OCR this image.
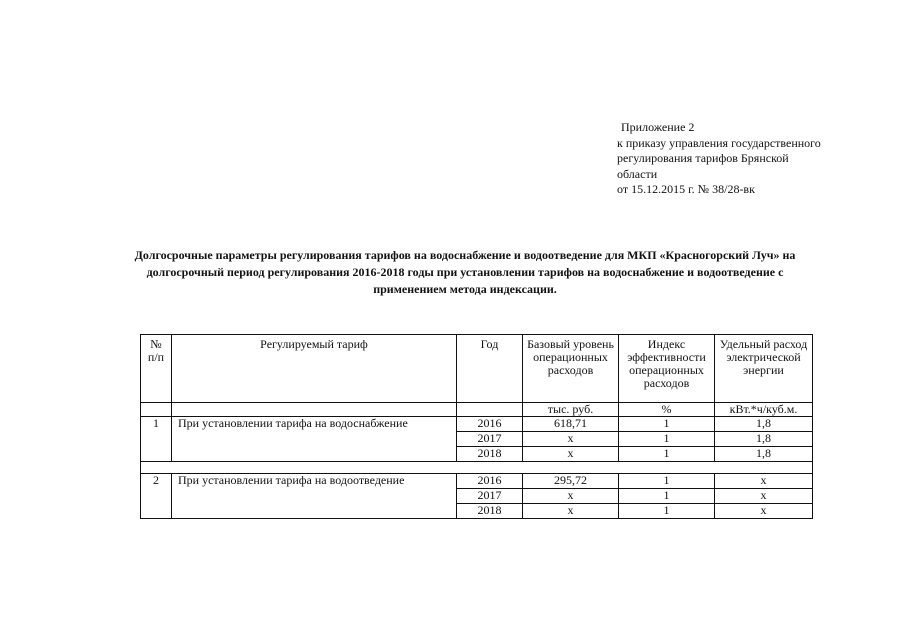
Приложение 2
к приказу управления государственного
регулирования тарифов Брянской
области
от 15.12.2015 г. № 38/28-вк
Долгосрочные параметры регулирования тарифов на водоснабжение и водоотведение для МКП «Красногорский Луч» на
долгосрочный период регулирования 2016-2018 годы при установлении тарифов на водоснабжение и водоотведение с
применением метода индексации.
№ п/п	Регулируемый тариф	Год	Базовый уровень операционных расходов	Индекс эффективности операционных расходов	Удельный расход электрической энергии
			тыс. руб.	%	кВт.*ч/куб.м.
1	При установлении тарифа на водоснабжение	2016	618,71	1	1,8
		2017	x	1	1,8
		2018	x	1	1,8

2	При установлении тарифа на водоотведение	2016	295,72	1	x
		2017	x	1	x
		2018	x	1	x
